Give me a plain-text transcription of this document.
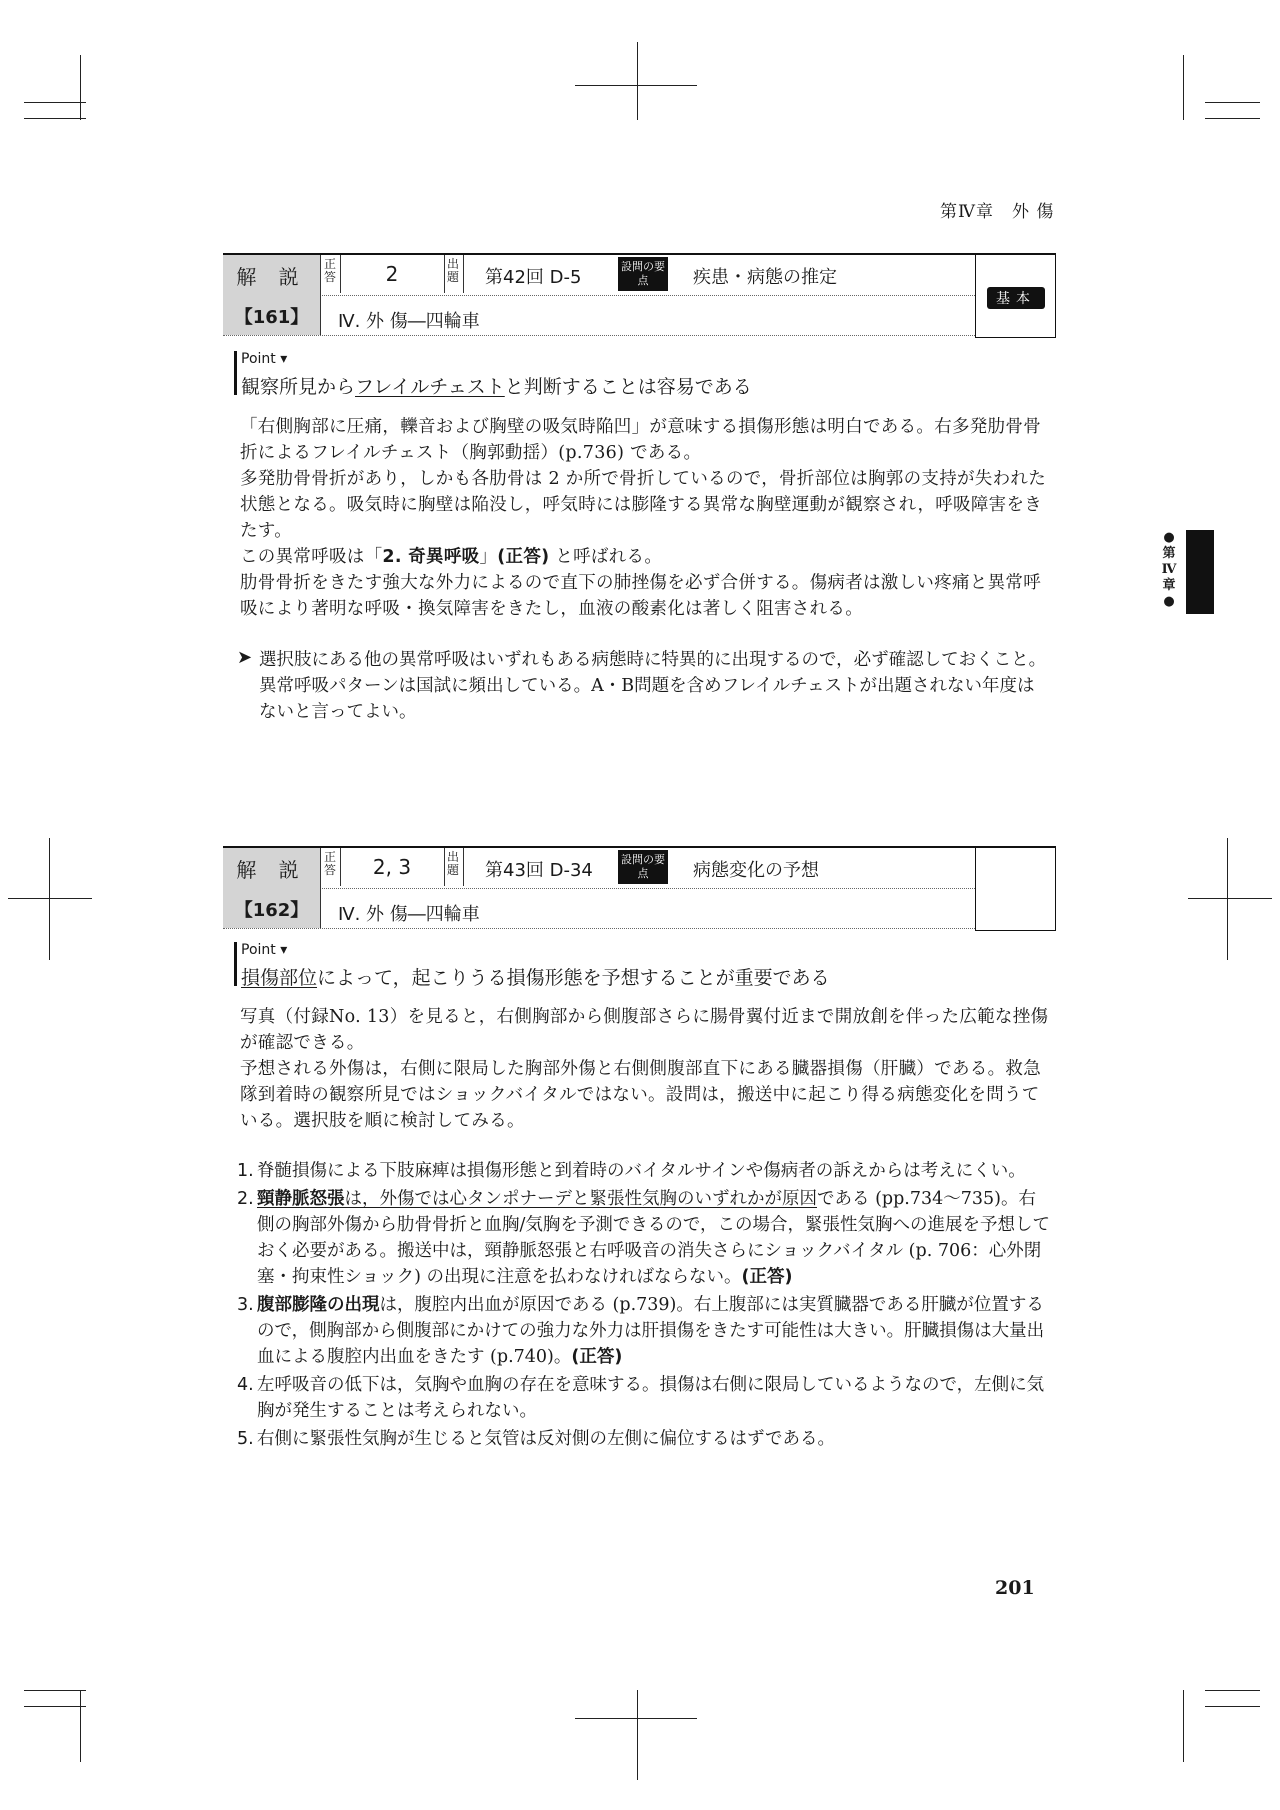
第Ⅳ章　外 傷
●
第
Ⅳ
章
●
解 説
【161】
正答	2	出題 第42回 D-5
設問の要　点	疾患・病態の推定
Ⅳ. 外 傷―四輪車
基本
Point ▾
観察所見からフレイルチェストと判断することは容易である

「右側胸部に圧痛，轢音および胸壁の吸気時陥凹」が意味する損傷形態は明白である。右多発肋骨骨折によるフレイルチェスト（胸郭動揺）(p.736) である。

多発肋骨骨折があり，しかも各肋骨は 2 か所で骨折しているので，骨折部位は胸郭の支持が失われた状態となる。吸気時に胸壁は陥没し，呼気時には膨隆する異常な胸壁運動が観察され，呼吸障害をきたす。

この異常呼吸は「2. 奇異呼吸」(正答) と呼ばれる。

肋骨骨折をきたす強大な外力によるので直下の肺挫傷を必ず合併する。傷病者は激しい疼痛と異常呼吸により著明な呼吸・換気障害をきたし，血液の酸素化は著しく阻害される。

➤ 選択肢にある他の異常呼吸はいずれもある病態時に特異的に出現するので，必ず確認しておくこと。異常呼吸パターンは国試に頻出している。A・B問題を含めフレイルチェストが出題されない年度はないと言ってよい。
解 説
【162】
正答	2, 3	出題 第43回 D-34
設問の要　点	病態変化の予想
Ⅳ. 外 傷―四輪車
Point ▾
損傷部位によって，起こりうる損傷形態を予想することが重要である

写真（付録No. 13）を見ると，右側胸部から側腹部さらに腸骨翼付近まで開放創を伴った広範な挫傷が確認できる。

予想される外傷は，右側に限局した胸部外傷と右側側腹部直下にある臓器損傷（肝臓）である。救急隊到着時の観察所見ではショックバイタルではない。設問は，搬送中に起こり得る病態変化を問うている。選択肢を順に検討してみる。

1. 脊髄損傷による下肢麻痺は損傷形態と到着時のバイタルサインや傷病者の訴えからは考えにくい。
2. 頸静脈怒張は，外傷では心タンポナーデと緊張性気胸のいずれかが原因である (pp.734〜735)。右側の胸部外傷から肋骨骨折と血胸/気胸を予測できるので，この場合，緊張性気胸への進展を予想しておく必要がある。搬送中は，頸静脈怒張と右呼吸音の消失さらにショックバイタル (p. 706：心外閉塞・拘束性ショック) の出現に注意を払わなければならない。(正答)
3. 腹部膨隆の出現は，腹腔内出血が原因である (p.739)。右上腹部には実質臓器である肝臓が位置するので，側胸部から側腹部にかけての強力な外力は肝損傷をきたす可能性は大きい。肝臓損傷は大量出血による腹腔内出血をきたす (p.740)。(正答)
4. 左呼吸音の低下は，気胸や血胸の存在を意味する。損傷は右側に限局しているようなので，左側に気胸が発生することは考えられない。
5. 右側に緊張性気胸が生じると気管は反対側の左側に偏位するはずである。
201
